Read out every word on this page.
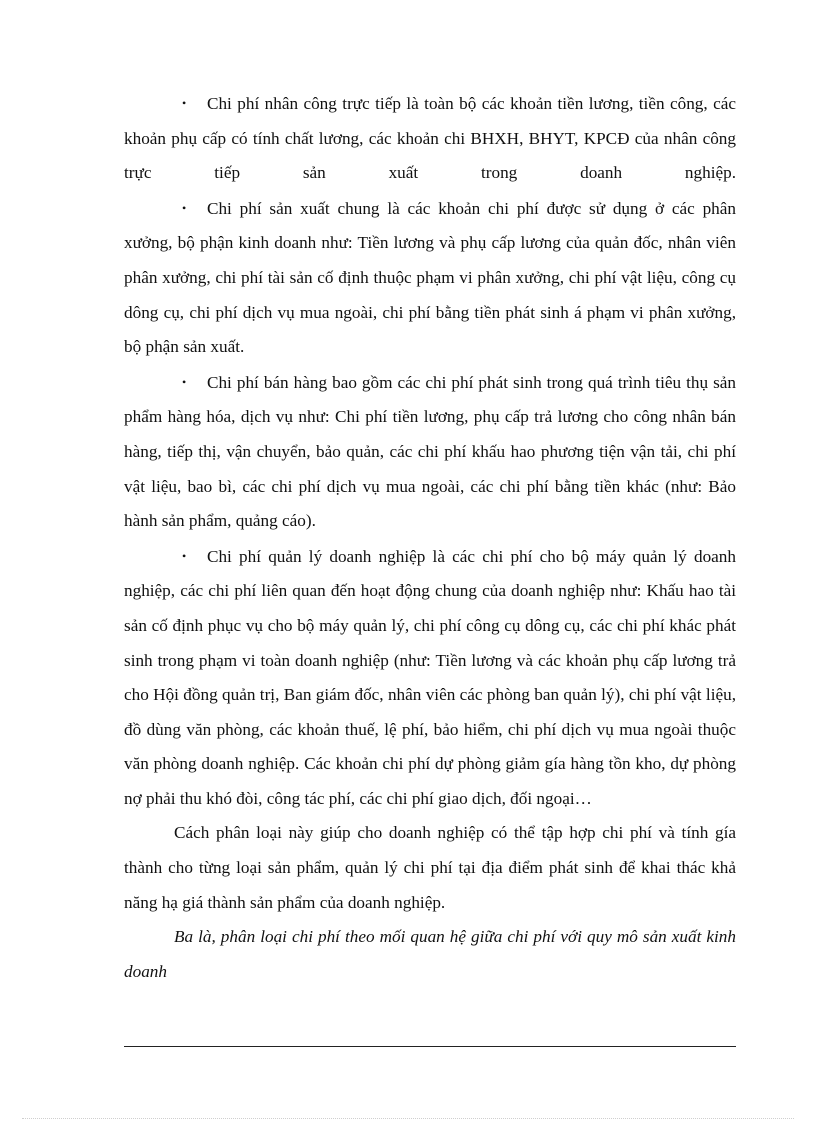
• Chi phí nhân công trực tiếp là toàn bộ các khoản tiền lương, tiền công, các khoản phụ cấp có tính chất lương, các khoản chi BHXH, BHYT, KPCĐ của nhân công trực tiếp sản xuất trong doanh nghiệp.

• Chi phí sản xuất chung là các khoản chi phí được sử dụng ở các phân xưởng, bộ phận kinh doanh như: Tiền lương và phụ cấp lương của quản đốc, nhân viên phân xưởng, chi phí tài sản cố định thuộc phạm vi phân xưởng, chi phí vật liệu, công cụ dông cụ, chi phí dịch vụ mua ngoài, chi phí bằng tiền phát sinh á phạm vi phân xưởng, bộ phận sản xuất.

• Chi phí bán hàng bao gồm các chi phí phát sinh trong quá trình tiêu thụ sản phẩm hàng hóa, dịch vụ như: Chi phí tiền lương, phụ cấp trả lương cho công nhân bán hàng, tiếp thị, vận chuyển, bảo quản, các chi phí khấu hao phương tiện vận tải, chi phí vật liệu, bao bì, các chi phí dịch vụ mua ngoài, các chi phí bằng tiền khác (như: Bảo hành sản phẩm, quảng cáo).

• Chi phí quản lý doanh nghiệp là các chi phí cho bộ máy quản lý doanh nghiệp, các chi phí liên quan đến hoạt động chung của doanh nghiệp như: Khấu hao tài sản cố định phục vụ cho bộ máy quản lý, chi phí công cụ dông cụ, các chi phí khác phát sinh trong phạm vi toàn doanh nghiệp (như: Tiền lương và các khoản phụ cấp lương trả cho Hội đồng quản trị, Ban giám đốc, nhân viên các phòng ban quản lý), chi phí vật liệu, đồ dùng văn phòng, các khoản thuế, lệ phí, bảo hiểm, chi phí dịch vụ mua ngoài thuộc văn phòng doanh nghiệp. Các khoản chi phí dự phòng giảm gía hàng tồn kho, dự phòng nợ phải thu khó đòi, công tác phí, các chi phí giao dịch, đối ngoại…

Cách phân loại này giúp cho doanh nghiệp có thể tập hợp chi phí và tính gía thành cho từng loại sản phẩm, quản lý chi phí tại địa điểm phát sinh để khai thác khả năng hạ giá thành sản phẩm của doanh nghiệp.

Ba là, phân loại chi phí theo mối quan hệ giữa chi phí với quy mô sản xuất kinh doanh
